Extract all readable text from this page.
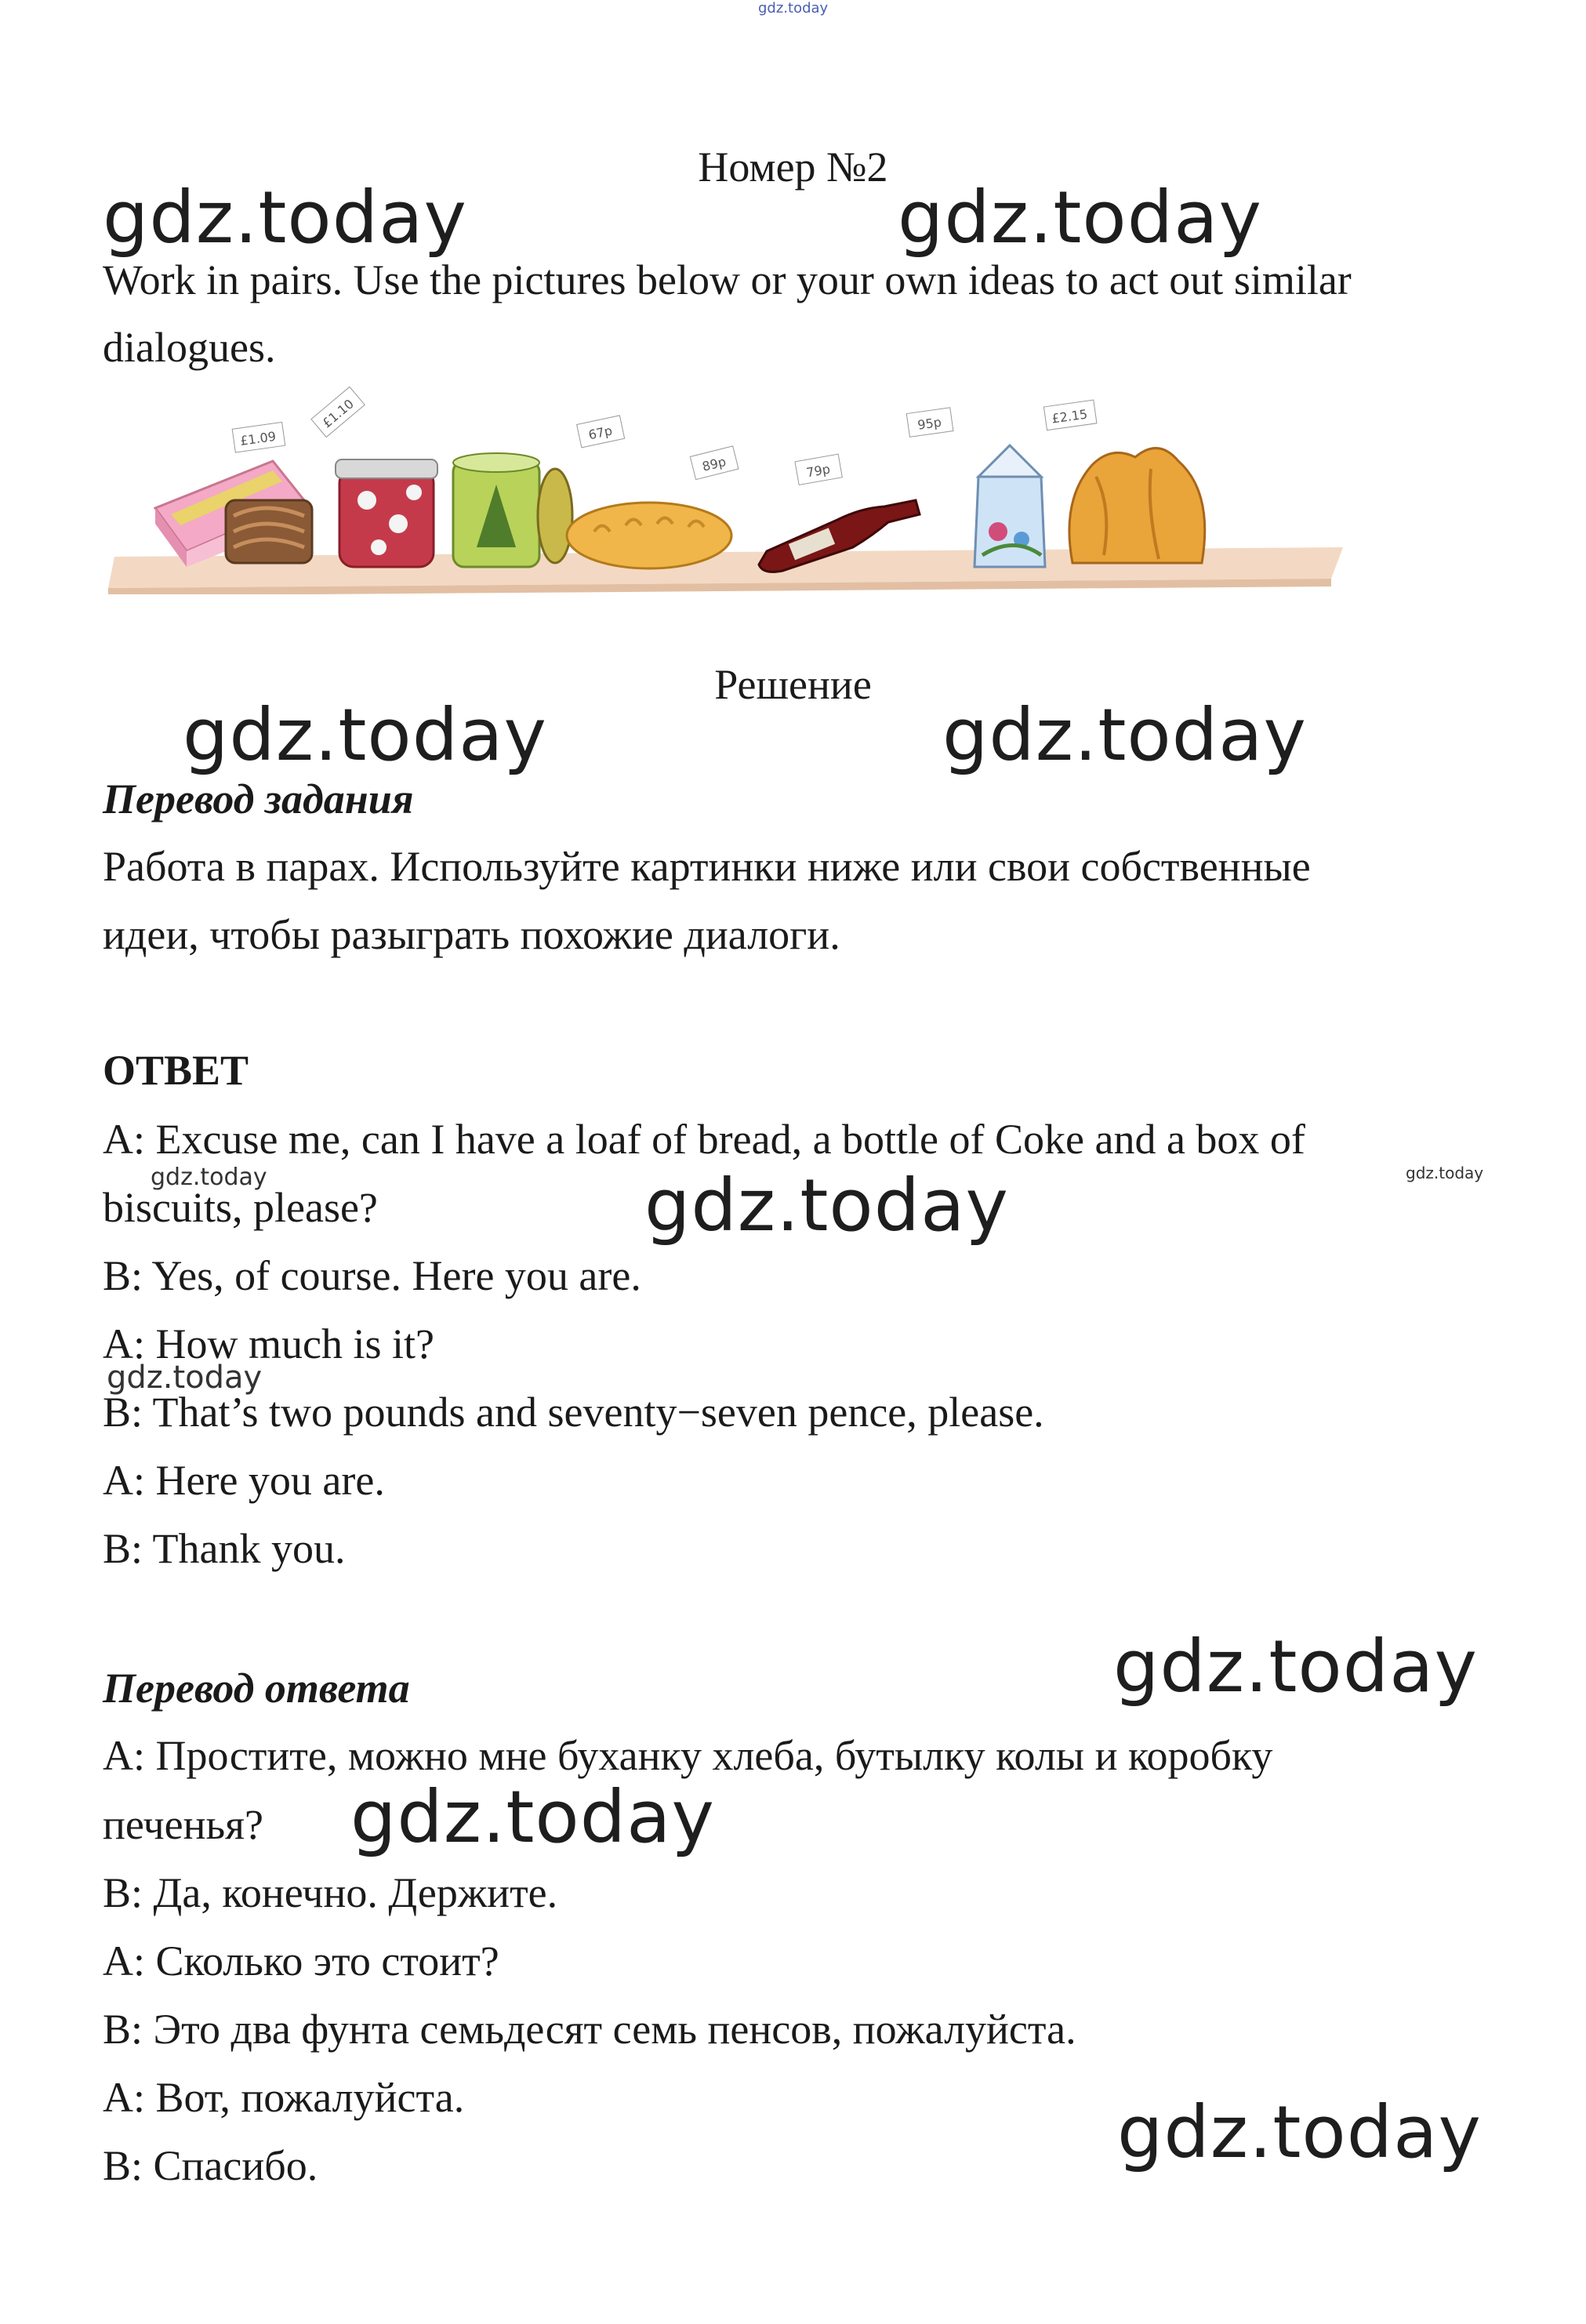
gdz.today
Номер №2
gdz.today	gdz.today
Work in pairs. Use the pictures below or your own ideas to act out similar
dialogues.
£1.09
£1.10
67p
89p	79p
95p	£2.15
Решение
gdz.today	gdz.today
Перевод задания
Работа в парах. Используйте картинки ниже или свои собственные
идеи, чтобы разыграть похожие диалоги.
ОТВЕТ
A: Excuse me, can I have a loaf of bread, a bottle of Coke and a box of
gdz.today	gdz.today
gdz.today
biscuits, please?
B: Yes, of course. Here you are.
A: How much is it?
gdz.today
B: That’s two pounds and seventy−seven pence, please.
A: Here you are.
B: Thank you.
gdz.today
Перевод ответа
A: Простите, можно мне буханку хлеба, бутылку колы и коробку
печенья? gdz.today
B: Да, конечно. Держите.
A: Сколько это стоит?
B: Это два фунта семьдесят семь пенсов, пожалуйста.
A: Вот, пожалуйста.	gdz.today
B: Спасибо.
